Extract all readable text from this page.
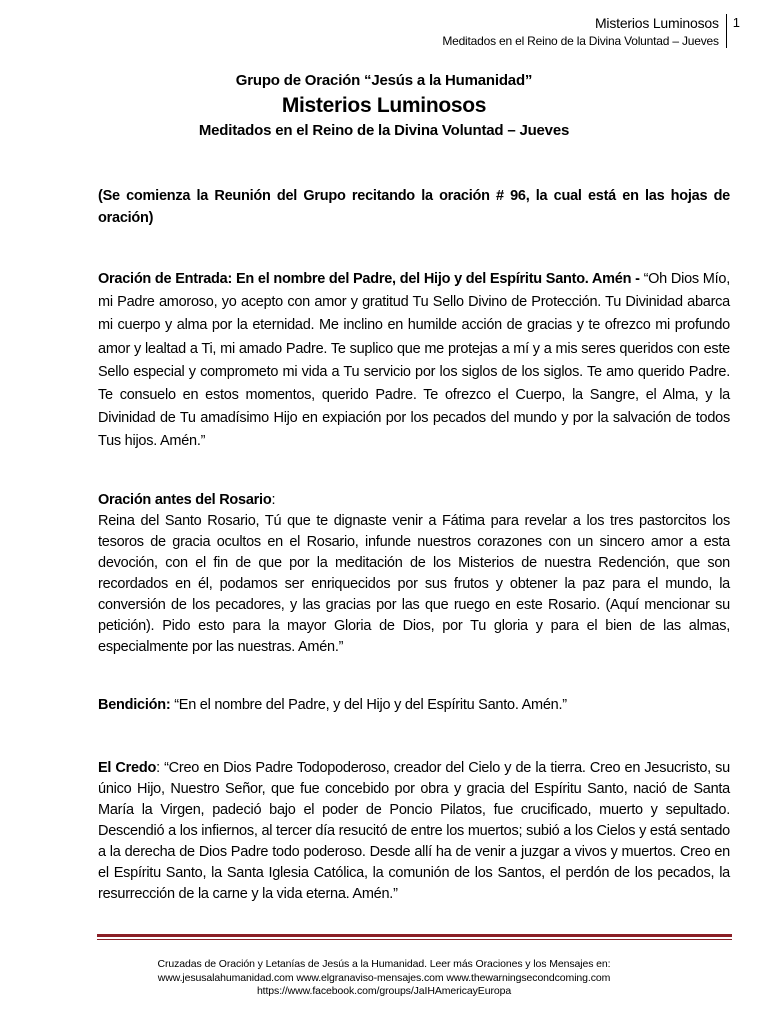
Misterios Luminosos
Meditados en el Reino de la Divina Voluntad – Jueves
1
Grupo de Oración “Jesús a la Humanidad”
Misterios Luminosos
Meditados en el Reino de la Divina Voluntad – Jueves
(Se comienza la Reunión del Grupo recitando la oración # 96, la cual está en las hojas de oración)
Oración de Entrada: En el nombre del Padre, del Hijo y del Espíritu Santo. Amén - “Oh Dios Mío, mi Padre amoroso, yo acepto con amor y gratitud Tu Sello Divino de Protección. Tu Divinidad abarca mi cuerpo y alma por la eternidad. Me inclino en humilde acción de gracias y te ofrezco mi profundo amor y lealtad a Ti, mi amado Padre. Te suplico que me protejas a mí y a mis seres queridos con este Sello especial y comprometo mi vida a Tu servicio por los siglos de los siglos. Te amo querido Padre. Te consuelo en estos momentos, querido Padre. Te ofrezco el Cuerpo, la Sangre, el Alma, y la Divinidad de Tu amadísimo Hijo en expiación por los pecados del mundo y por la salvación de todos Tus hijos. Amén.”
Oración antes del Rosario:
Reina del Santo Rosario, Tú que te dignaste venir a Fátima para revelar a los tres pastorcitos los tesoros de gracia ocultos en el Rosario, infunde nuestros corazones con un sincero amor a esta devoción, con el fin de que por la meditación de los Misterios de nuestra Redención, que son recordados en él, podamos ser enriquecidos por sus frutos y obtener la paz para el mundo, la conversión de los pecadores, y las gracias por las que ruego en este Rosario. (Aquí mencionar su petición). Pido esto para la mayor Gloria de Dios, por Tu gloria y para el bien de las almas, especialmente por las nuestras. Amén.”
Bendición: “En el nombre del Padre, y del Hijo y del Espíritu Santo. Amén.”
El Credo: “Creo en Dios Padre Todopoderoso, creador del Cielo y de la tierra. Creo en Jesucristo, su único Hijo, Nuestro Señor, que fue concebido por obra y gracia del Espíritu Santo, nació de Santa María la Virgen, padeció bajo el poder de Poncio Pilatos, fue crucificado, muerto y sepultado. Descendió a los infiernos, al tercer día resucitó de entre los muertos; subió a los Cielos y está sentado a la derecha de Dios Padre todo poderoso. Desde allí ha de venir a juzgar a vivos y muertos. Creo en el Espíritu Santo, la Santa Iglesia Católica, la comunión de los Santos, el perdón de los pecados, la resurrección de la carne y la vida eterna. Amén.”
Cruzadas de Oración y Letanías de Jesús a la Humanidad. Leer más Oraciones y los Mensajes en:
www.jesusalahumanidad.com www.elgranaviso-mensajes.com www.thewarningsecondcoming.com
https://www.facebook.com/groups/JaIHAmericayEuropa
